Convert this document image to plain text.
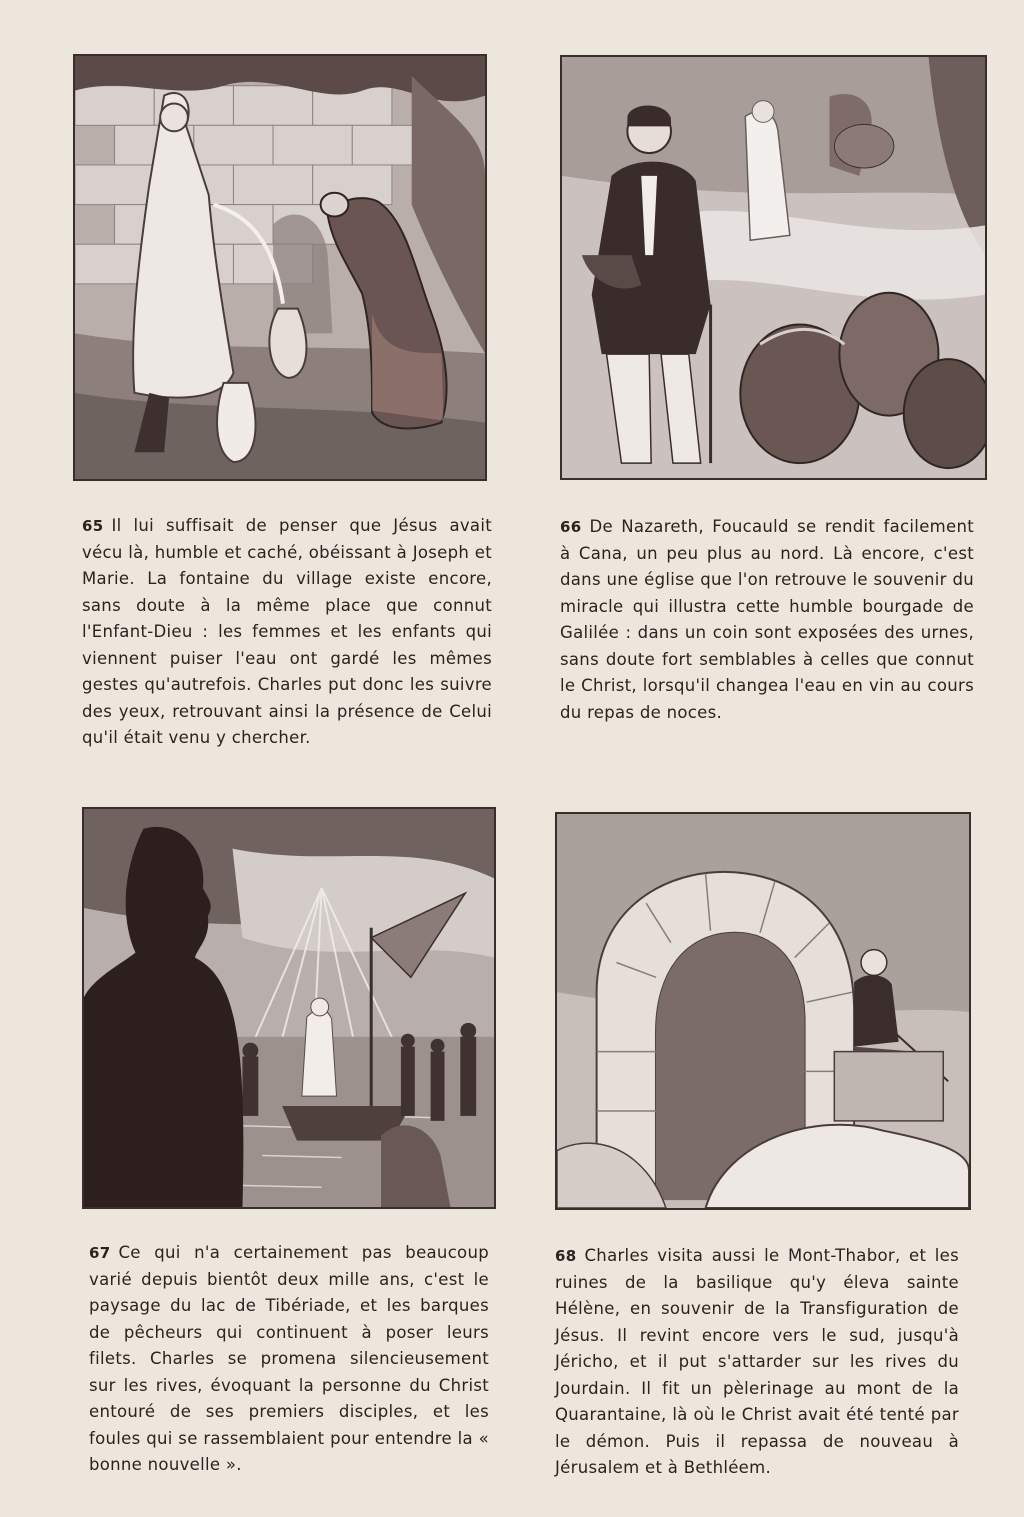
65 Il lui suffisait de penser que Jésus avait vécu là, humble et caché, obéissant à Joseph et Marie. La fontaine du village existe encore, sans doute à la même place que connut l'Enfant-Dieu : les femmes et les enfants qui viennent puiser l'eau ont gardé les mêmes gestes qu'autrefois. Charles put donc les suivre des yeux, retrouvant ainsi la présence de Celui qu'il était venu y chercher.

66 De Nazareth, Foucauld se rendit facilement à Cana, un peu plus au nord. Là encore, c'est dans une église que l'on retrouve le souvenir du miracle qui illustra cette humble bourgade de Galilée : dans un coin sont exposées des urnes, sans doute fort semblables à celles que connut le Christ, lorsqu'il changea l'eau en vin au cours du repas de noces.

67 Ce qui n'a certainement pas beaucoup varié depuis bientôt deux mille ans, c'est le paysage du lac de Tibériade, et les barques de pêcheurs qui continuent à poser leurs filets. Charles se promena silencieusement sur les rives, évoquant la personne du Christ entouré de ses premiers disciples, et les foules qui se rassemblaient pour entendre la « bonne nouvelle ».

68 Charles visita aussi le Mont-Thabor, et les ruines de la basilique qu'y éleva sainte Hélène, en souvenir de la Transfiguration de Jésus. Il revint encore vers le sud, jusqu'à Jéricho, et il put s'attarder sur les rives du Jourdain. Il fit un pèlerinage au mont de la Quarantaine, là où le Christ avait été tenté par le démon. Puis il repassa de nouveau à Jérusalem et à Bethléem.
